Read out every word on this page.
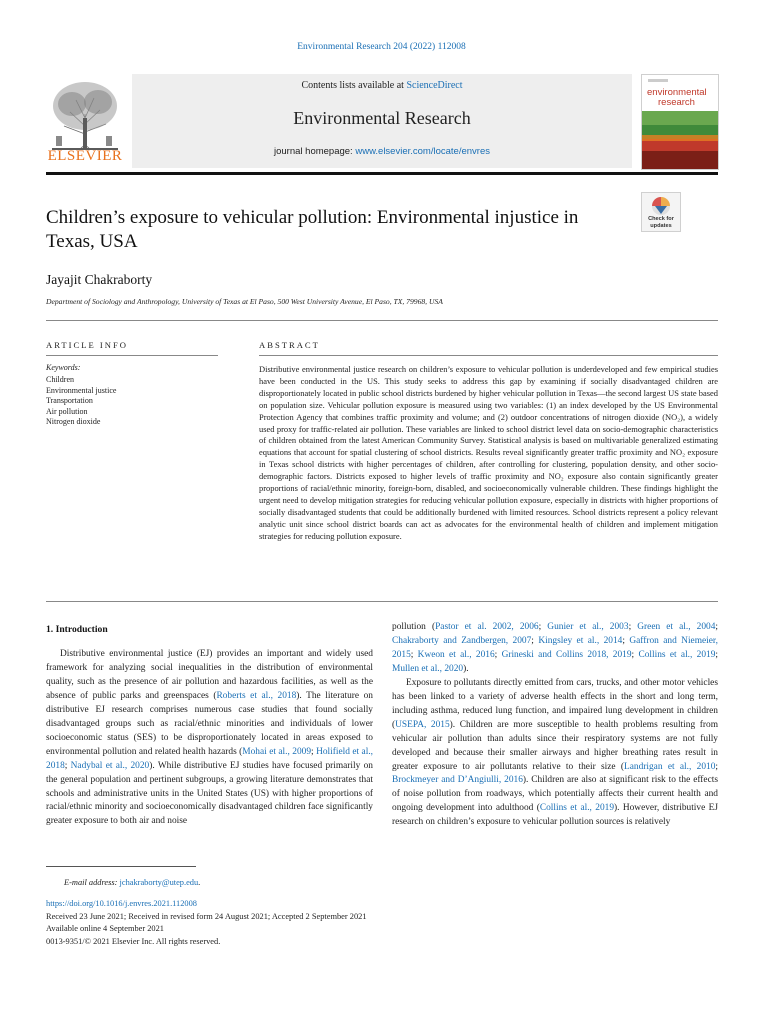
Environmental Research 204 (2022) 112008
ELSEVIER
Contents lists available at ScienceDirect
Environmental Research
journal homepage: www.elsevier.com/locate/envres
environmental
research
Children’s exposure to vehicular pollution: Environmental injustice in Texas, USA
Check for
updates
Jayajit Chakraborty
Department of Sociology and Anthropology, University of Texas at El Paso, 500 West University Avenue, El Paso, TX, 79968, USA
ARTICLE INFO
Keywords:
Children
Environmental justice
Transportation
Air pollution
Nitrogen dioxide
ABSTRACT

Distributive environmental justice research on children’s exposure to vehicular pollution is underdeveloped and few empirical studies have been conducted in the US. This study seeks to address this gap by examining if socially disadvantaged children are disproportionately located in public school districts burdened by higher vehicular pollution in Texas—the second largest US state based on population size. Vehicular pollution exposure is measured using two variables: (1) an index developed by the US Environmental Protection Agency that combines traffic proximity and volume; and (2) outdoor concentrations of nitrogen dioxide (NO₂), a widely used proxy for traffic-related air pollution. These variables are linked to school district level data on socio-demographic characteristics of children obtained from the latest American Community Survey. Statistical analysis is based on multivariable generalized estimating equations that account for spatial clustering of school districts. Results reveal significantly greater traffic proximity and NO₂ exposure in Texas school districts with higher percentages of children, after controlling for clustering, population density, and other socio-demographic factors. Districts exposed to higher levels of traffic proximity and NO₂ exposure also contain significantly greater proportions of racial/ethnic minority, foreign-born, disabled, and socioeconomically vulnerable children. These findings highlight the urgent need to develop mitigation strategies for reducing vehicular pollution exposure, especially in districts with higher proportions of socially disadvantaged students that could be additionally burdened with limited resources. School districts represent a policy relevant analytic unit since school district boards can act as advocates for the environmental health of children and implement mitigation strategies for reducing pollution exposure.

1. Introduction

Distributive environmental justice (EJ) provides an important and widely used framework for analyzing social inequalities in the distribution of environmental quality, such as the presence of air pollution and hazardous facilities, as well as the absence of public parks and greenspaces (Roberts et al., 2018). The literature on distributive EJ research comprises numerous case studies that found socially disadvantaged groups such as racial/ethnic minorities and individuals of lower socioeconomic status (SES) to be disproportionately located in areas exposed to environmental pollution and related health hazards (Mohai et al., 2009; Holifield et al., 2018; Nadybal et al., 2020). While distributive EJ studies have focused primarily on the general population and pertinent subgroups, a growing literature demonstrates that schools and administrative units in the United States (US) with higher proportions of racial/ethnic minority and socioeconomically disadvantaged children face significantly greater exposure to both air and noise

pollution (Pastor et al. 2002, 2006; Gunier et al., 2003; Green et al., 2004; Chakraborty and Zandbergen, 2007; Kingsley et al., 2014; Gaffron and Niemeier, 2015; Kweon et al., 2016; Grineski and Collins 2018, 2019; Collins et al., 2019; Mullen et al., 2020).

Exposure to pollutants directly emitted from cars, trucks, and other motor vehicles has been linked to a variety of adverse health effects in the short and long term, including asthma, reduced lung function, and impaired lung development in children (USEPA, 2015). Children are more susceptible to health problems resulting from vehicular air pollution than adults since their respiratory systems are not fully developed and because their smaller airways and higher breathing rates result in greater exposure to air pollutants relative to their size (Landrigan et al., 2010; Brockmeyer and D’Angiulli, 2016). Children are also at significant risk to the effects of noise pollution from roadways, which potentially affects their current health and ongoing development into adulthood (Collins et al., 2019). However, distributive EJ research on children’s exposure to vehicular pollution sources is relatively

E-mail address: jchakraborty@utep.edu.
https://doi.org/10.1016/j.envres.2021.112008
Received 23 June 2021; Received in revised form 24 August 2021; Accepted 2 September 2021
Available online 4 September 2021
0013-9351/© 2021 Elsevier Inc. All rights reserved.
